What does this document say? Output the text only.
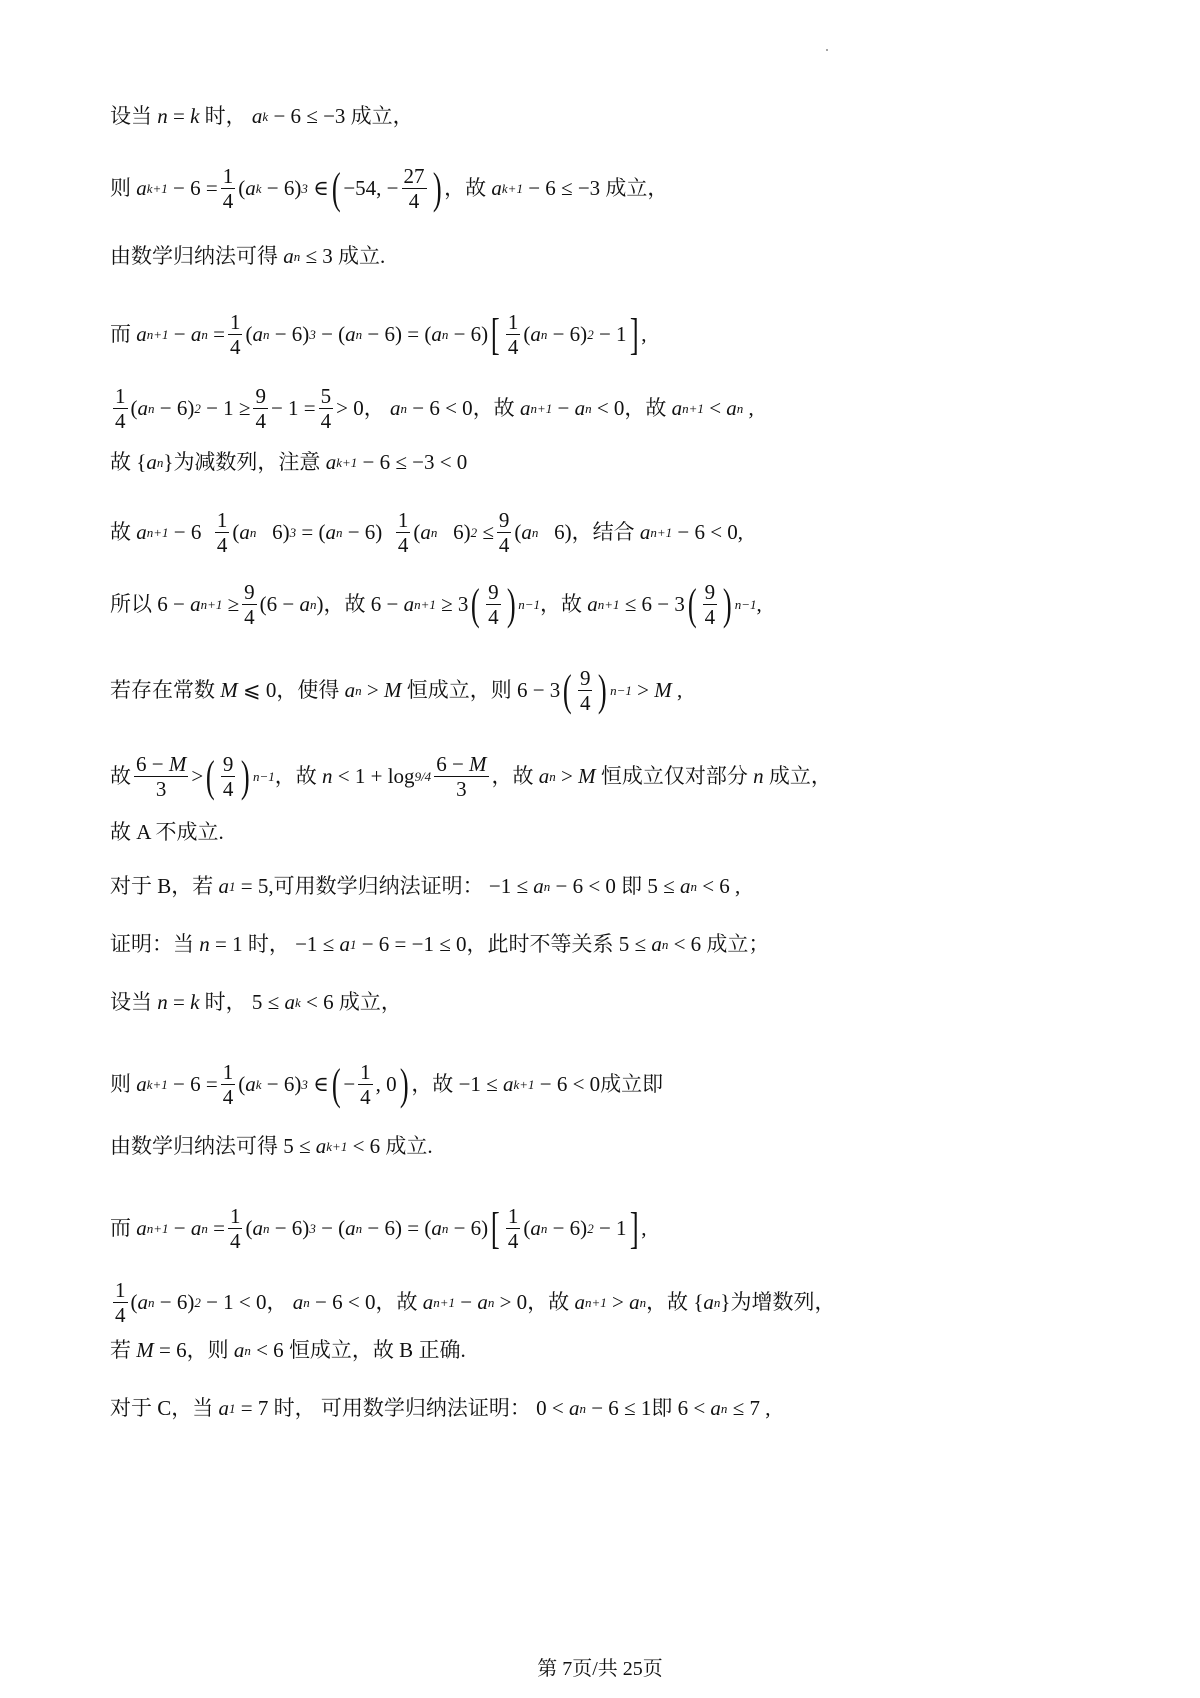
设当 n = k
时，
a k − 6 ≤ −3 成立，
则
a $k+1 - 6 = \frac{1}{4}$ ( a k − 6) 3 ∈ ( −54, − $\frac{27}{4}$ ) ，故
a k+1 − 6 ≤ −3 成立，
由数学归纳法可得
a n ≤ 3 成立.
而
a n+1 − a $n = \frac{1}{4}$ ( a n − 6) 3 − ( a n − 6) = ( a n − 6) [ $\frac{1}{4}$ ( a n − 6) 2 − 1 ] ,
$\frac{1}{4}$ ( a n − 6) $2 - 1 \ge \frac{9}{4} - 1 = \frac{5}{4} > 0$ ，
a n − 6 < 0 ，故
a n+1 − a n < 0 ，故
a n+1 < a n ,
故 { a n } 为减数列，注意
a k+1 − 6 ≤ −3 < 0
故
a $n+1 - 6 \frac{1}{4}$ ( a n 6) 3 = ( a $n - 6) \frac{1}{4}$ ( a n 6) $2 \le \frac{9}{4}$ ( a n 6) ，结合
a n+1 − 6 < 0,
所以 6 − a $n+1 \ge \frac{9}{4} (6 - a$ n ) ，故 6 − a n+1 ≥ 3 ( $\frac{9}{4}$ ) n−1 ，故
a n+1 ≤ 6 − 3 ( $\frac{9}{4}$ ) n−1 ,
若存在常数
M ⩽ 0 ，使得
a n > M
恒成立，则 6 − 3 ( $\frac{9}{4}$ ) n−1 > M ,
故 $\frac{6 - M}{3}$ > ( $\frac{9}{4}$ ) n−1 ，故
$n < 1 + \log 9/4 \frac{6 - M}{3}$ ，故
a n > M
恒成立仅对部分
n
成立，
故 A 不成立.
对于 B，若
a 1 = 5, 可用数学归纳法证明： −1 ≤ a n − 6 < 0 即 5 ≤ a n < 6 ,
证明：当
n = 1 时， −1 ≤ a 1 − 6 = −1 ≤ 0 ，此时不等关系 5 ≤ a n < 6 成立；
设当
n = k
时， 5 ≤ a k < 6 成立，
则
a $k+1 - 6 = \frac{1}{4}$ ( a k − 6) 3 ∈ ( − $\frac{1}{4}$ , 0 ) ，故 −1 ≤ a k+1 − 6 < 0 成立即
由数学归纳法可得 5 ≤ a k+1 < 6 成立.
而
a n+1 − a $n = \frac{1}{4}$ ( a n − 6) 3 − ( a n − 6) = ( a n − 6) [ $\frac{1}{4}$ ( a n − 6) 2 − 1 ] ,
$\frac{1}{4}$ ( a n − 6) 2 − 1 < 0 ，
a n − 6 < 0 ，故
a n+1 − a n > 0 ，故
a n+1 > a n ，故 { a n } 为增数列，
若
M = 6 ，则
a n < 6 恒成立，故 B 正确.
对于 C，当
a 1 = 7 时， 可用数学归纳法证明： 0 < a n − 6 ≤ 1 即 6 < a n ≤ 7 ,
第 7页/共 25页
